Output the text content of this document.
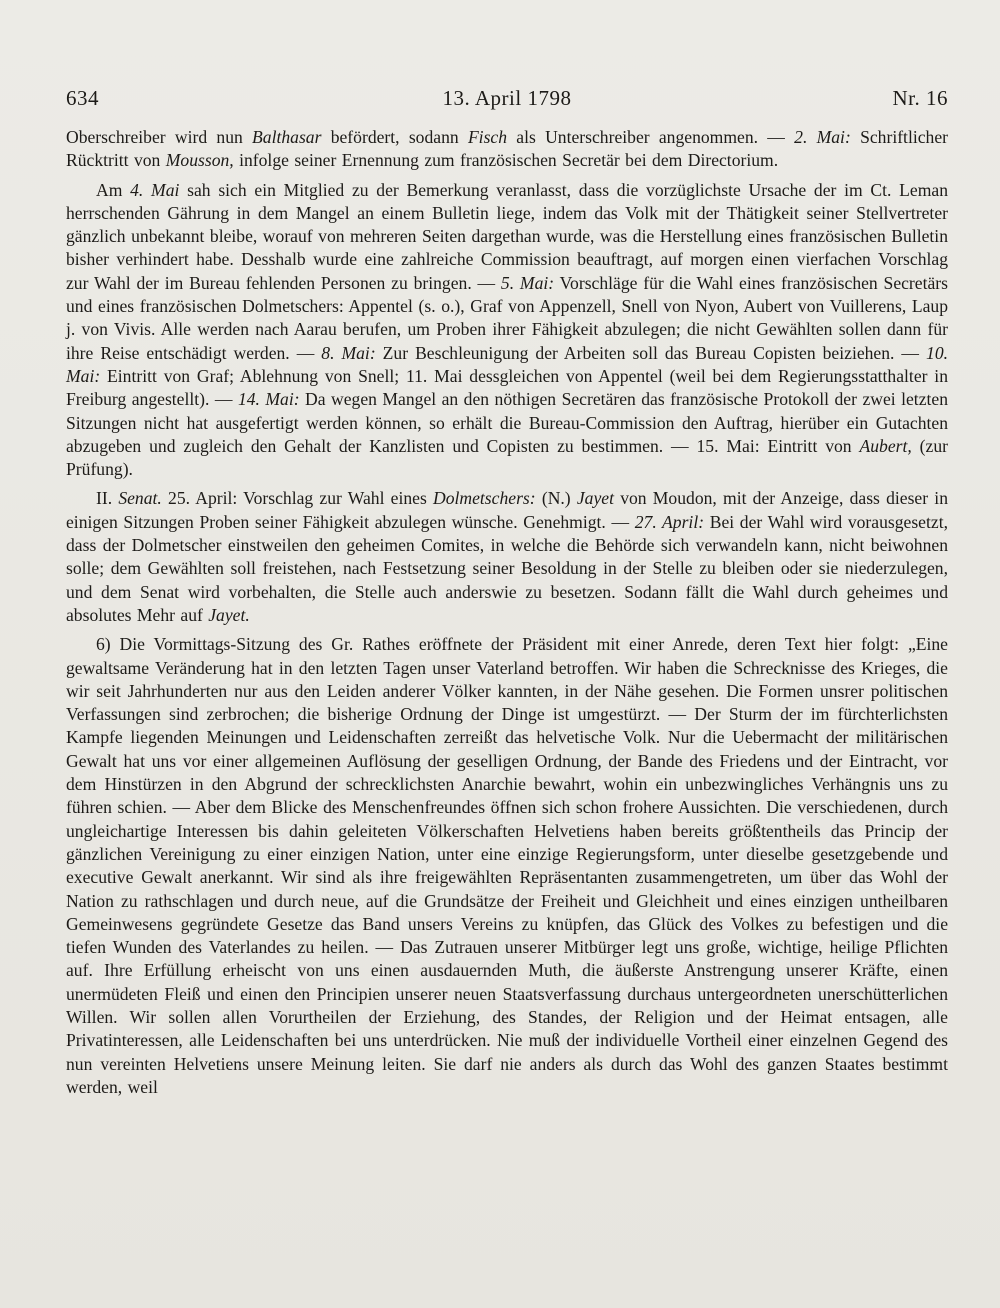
634	13. April 1798	Nr. 16

Oberschreiber wird nun Balthasar befördert, sodann Fisch als Unterschreiber angenommen. — 2. Mai: Schriftlicher Rücktritt von Mousson, infolge seiner Ernennung zum französischen Secretär bei dem Directorium.

Am 4. Mai sah sich ein Mitglied zu der Bemerkung veranlasst, dass die vorzüglichste Ursache der im Ct. Leman herrschenden Gährung in dem Mangel an einem Bulletin liege, indem das Volk mit der Thätigkeit seiner Stellvertreter gänzlich unbekannt bleibe, worauf von mehreren Seiten dargethan wurde, was die Herstellung eines französischen Bulletin bisher verhindert habe. Desshalb wurde eine zahlreiche Commission beauftragt, auf morgen einen vierfachen Vorschlag zur Wahl der im Bureau fehlenden Personen zu bringen. — 5. Mai: Vorschläge für die Wahl eines französischen Secretärs und eines französischen Dolmetschers: Appentel (s. o.), Graf von Appenzell, Snell von Nyon, Aubert von Vuillerens, Laup j. von Vivis. Alle werden nach Aarau berufen, um Proben ihrer Fähigkeit abzulegen; die nicht Gewählten sollen dann für ihre Reise entschädigt werden. — 8. Mai: Zur Beschleunigung der Arbeiten soll das Bureau Copisten beiziehen. — 10. Mai: Eintritt von Graf; Ablehnung von Snell; 11. Mai dessgleichen von Appentel (weil bei dem Regierungsstatthalter in Freiburg angestellt). — 14. Mai: Da wegen Mangel an den nöthigen Secretären das französische Protokoll der zwei letzten Sitzungen nicht hat ausgefertigt werden können, so erhält die Bureau-Commission den Auftrag, hierüber ein Gutachten abzugeben und zugleich den Gehalt der Kanzlisten und Copisten zu bestimmen. — 15. Mai: Eintritt von Aubert, (zur Prüfung).

II. Senat. 25. April: Vorschlag zur Wahl eines Dolmetschers: (N.) Jayet von Moudon, mit der Anzeige, dass dieser in einigen Sitzungen Proben seiner Fähigkeit abzulegen wünsche. Genehmigt. — 27. April: Bei der Wahl wird vorausgesetzt, dass der Dolmetscher einstweilen den geheimen Comites, in welche die Behörde sich verwandeln kann, nicht beiwohnen solle; dem Gewählten soll freistehen, nach Festsetzung seiner Besoldung in der Stelle zu bleiben oder sie niederzulegen, und dem Senat wird vorbehalten, die Stelle auch anderswie zu besetzen. Sodann fällt die Wahl durch geheimes und absolutes Mehr auf Jayet.

6) Die Vormittags-Sitzung des Gr. Rathes eröffnete der Präsident mit einer Anrede, deren Text hier folgt: „Eine gewaltsame Veränderung hat in den letzten Tagen unser Vaterland betroffen. Wir haben die Schrecknisse des Krieges, die wir seit Jahrhunderten nur aus den Leiden anderer Völker kannten, in der Nähe gesehen. Die Formen unsrer politischen Verfassungen sind zerbrochen; die bisherige Ordnung der Dinge ist umgestürzt. — Der Sturm der im fürchterlichsten Kampfe liegenden Meinungen und Leidenschaften zerreißt das helvetische Volk. Nur die Uebermacht der militärischen Gewalt hat uns vor einer allgemeinen Auflösung der geselligen Ordnung, der Bande des Friedens und der Eintracht, vor dem Hinstürzen in den Abgrund der schrecklichsten Anarchie bewahrt, wohin ein unbezwingliches Verhängnis uns zu führen schien. — Aber dem Blicke des Menschenfreundes öffnen sich schon frohere Aussichten. Die verschiedenen, durch ungleichartige Interessen bis dahin geleiteten Völkerschaften Helvetiens haben bereits größtentheils das Princip der gänzlichen Vereinigung zu einer einzigen Nation, unter eine einzige Regierungsform, unter dieselbe gesetzgebende und executive Gewalt anerkannt. Wir sind als ihre freigewählten Repräsentanten zusammengetreten, um über das Wohl der Nation zu rathschlagen und durch neue, auf die Grundsätze der Freiheit und Gleichheit und eines einzigen untheilbaren Gemeinwesens gegründete Gesetze das Band unsers Vereins zu knüpfen, das Glück des Volkes zu befestigen und die tiefen Wunden des Vaterlandes zu heilen. — Das Zutrauen unserer Mitbürger legt uns große, wichtige, heilige Pflichten auf. Ihre Erfüllung erheischt von uns einen ausdauernden Muth, die äußerste Anstrengung unserer Kräfte, einen unermüdeten Fleiß und einen den Principien unserer neuen Staatsverfassung durchaus untergeordneten unerschütterlichen Willen. Wir sollen allen Vorurtheilen der Erziehung, des Standes, der Religion und der Heimat entsagen, alle Privatinteressen, alle Leidenschaften bei uns unterdrücken. Nie muß der individuelle Vortheil einer einzelnen Gegend des nun vereinten Helvetiens unsere Meinung leiten. Sie darf nie anders als durch das Wohl des ganzen Staates bestimmt werden, weil
